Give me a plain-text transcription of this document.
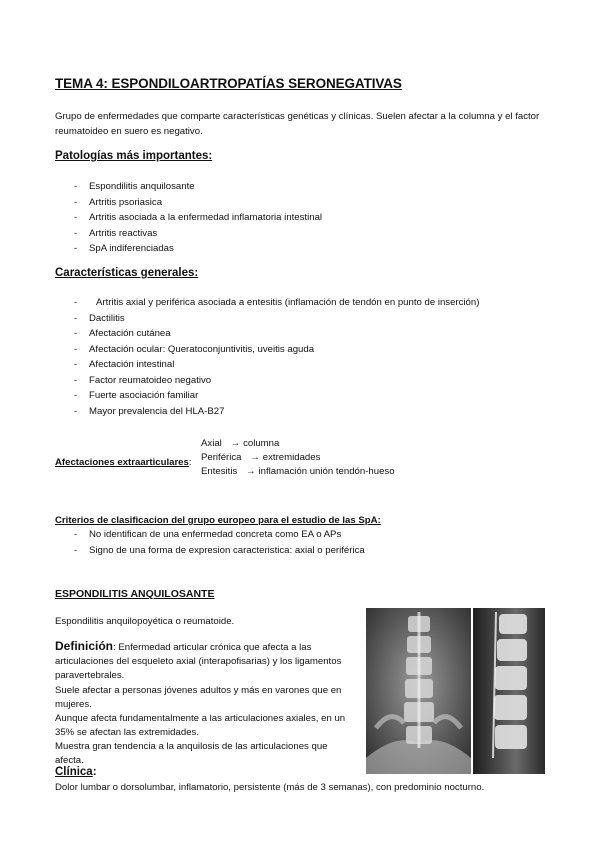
TEMA 4: ESPONDILOARTROPATÍAS SERONEGATIVAS
Grupo de enfermedades que comparte características genéticas y clínicas. Suelen afectar a la columna y el factor reumatoideo en suero es negativo.
Patologías más importantes:
- Espondilitis anquilosante
- Artritis psoriasica
- Artritis asociada a la enfermedad inflamatoria intestinal
- Artritis reactivas
- SpA indiferenciadas
Características generales:
- Artritis axial y periférica asociada a entesitis (inflamación de tendón en punto de inserción)
- Dactilitis
- Afectación cutánea
- Afectación ocular: Queratoconjuntivitis, uveitis aguda
- Afectación intestinal
- Factor reumatoideo negativo
- Fuerte asociación familiar
- Mayor prevalencia del HLA-B27
Afectaciones extraarticulares:
Axial → columna
Periférica → extremidades
Entesitis → inflamación unión tendón-hueso
Criterios de clasificacion del grupo europeo para el estudio de las SpA:
- No identifican de una enfermedad concreta como EA o APs
- Signo de una forma de expresion caracteristica: axial o periférica
ESPONDILITIS ANQUILOSANTE
Espondilitis anquilopoyética o reumatoide.
Definición: Enfermedad articular crónica que afecta a las articulaciones del esqueleto axial (interapofisarias) y los ligamentos paravertebrales.
Suele afectar a personas jóvenes adultos y más en varones que en mujeres.
Aunque afecta fundamentalmente a las articulaciones axiales, en un 35% se afectan las extremidades.
Muestra gran tendencia a la anquilosis de las articulaciones que afecta.
Clínica:
Dolor lumbar o dorsolumbar, inflamatorio, persistente (más de 3 semanas), con predominio nocturno.
